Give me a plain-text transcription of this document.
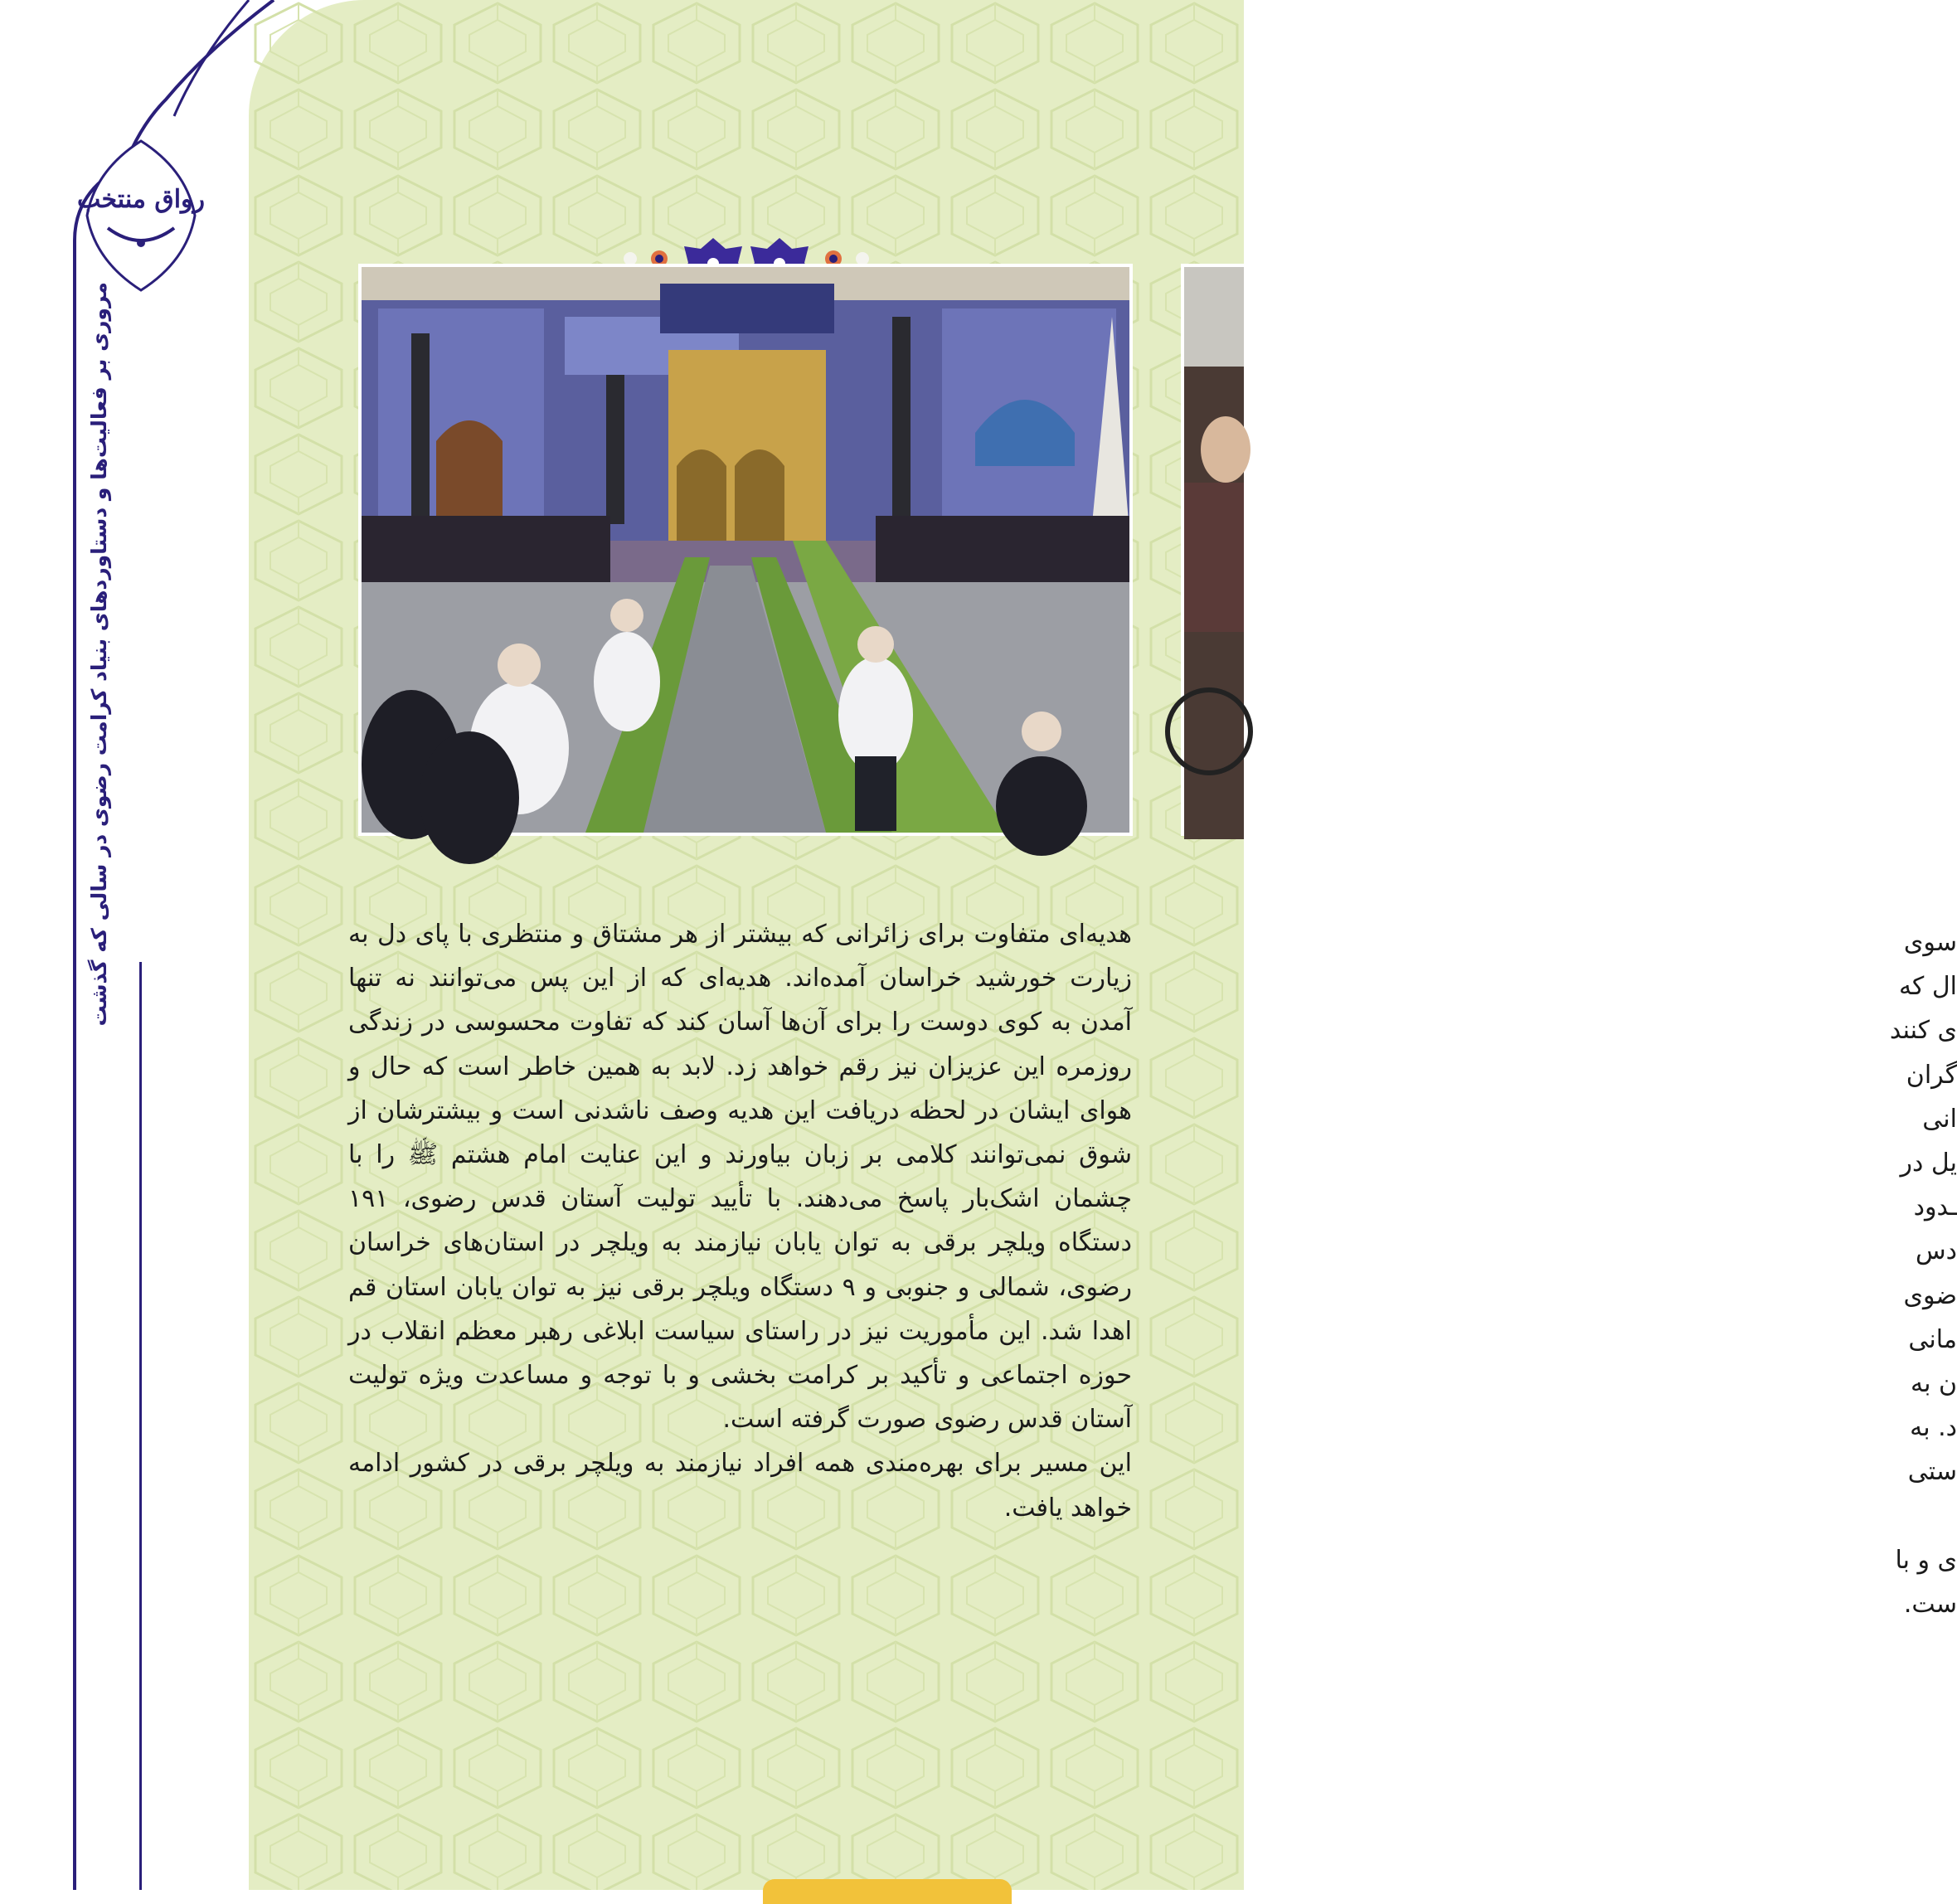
رواق منتخب
مروری بر فعالیت‌ها و دستاوردهای بنیاد کرامت رضوی در سالی که گذشت	هدیه‌ای متفاوت برای زائرانی که بیشتر از هر مشتاق و منتظری با پای دل به زیارت خورشید خراسان آمده‌اند. هدیه‌ای که از این پس می‌توانند نه تنها آمدن به کوی دوست را برای آن‌ها آسان کند که تفاوت محسوسی در زندگی روزمره این عزیزان نیز رقم خواهد زد. لابد به همین خاطر است که حال و هوای ایشان در لحظه دریافت این هدیه وصف ناشدنی است و بیشترشان از شوق نمی‌توانند کلامی بر زبان بیاورند و این عنایت امام هشتم ﷺ را با چشمان اشک‌بار پاسخ می‌دهند. با تأیید تولیت آستان قدس رضوی، ۱۹۱ دستگاه ویلچر برقی به توان یابان نیازمند به ویلچر در استان‌های خراسان رضوی، شمالی و جنوبی و ۹ دستگاه ویلچر برقی نیز به توان یابان استان قم اهدا شد. این مأموریت نیز در راستای سیاست ابلاغی رهبر معظم انقلاب در حوزه اجتماعی و تأکید بر کرامت بخشی و با توجه و مساعدت ویژه تولیت آستان قدس رضوی صورت گرفته است.

این مسیر برای بهره‌مندی همه افراد نیازمند به ویلچر برقی در کشور ادامه خواهد یافت.

سوی
ال که
ی کنند
گران
انی
یل در
ـدود
دس
ضوی
مانی
ن به
د. به
ستی

ی و با
ست.
